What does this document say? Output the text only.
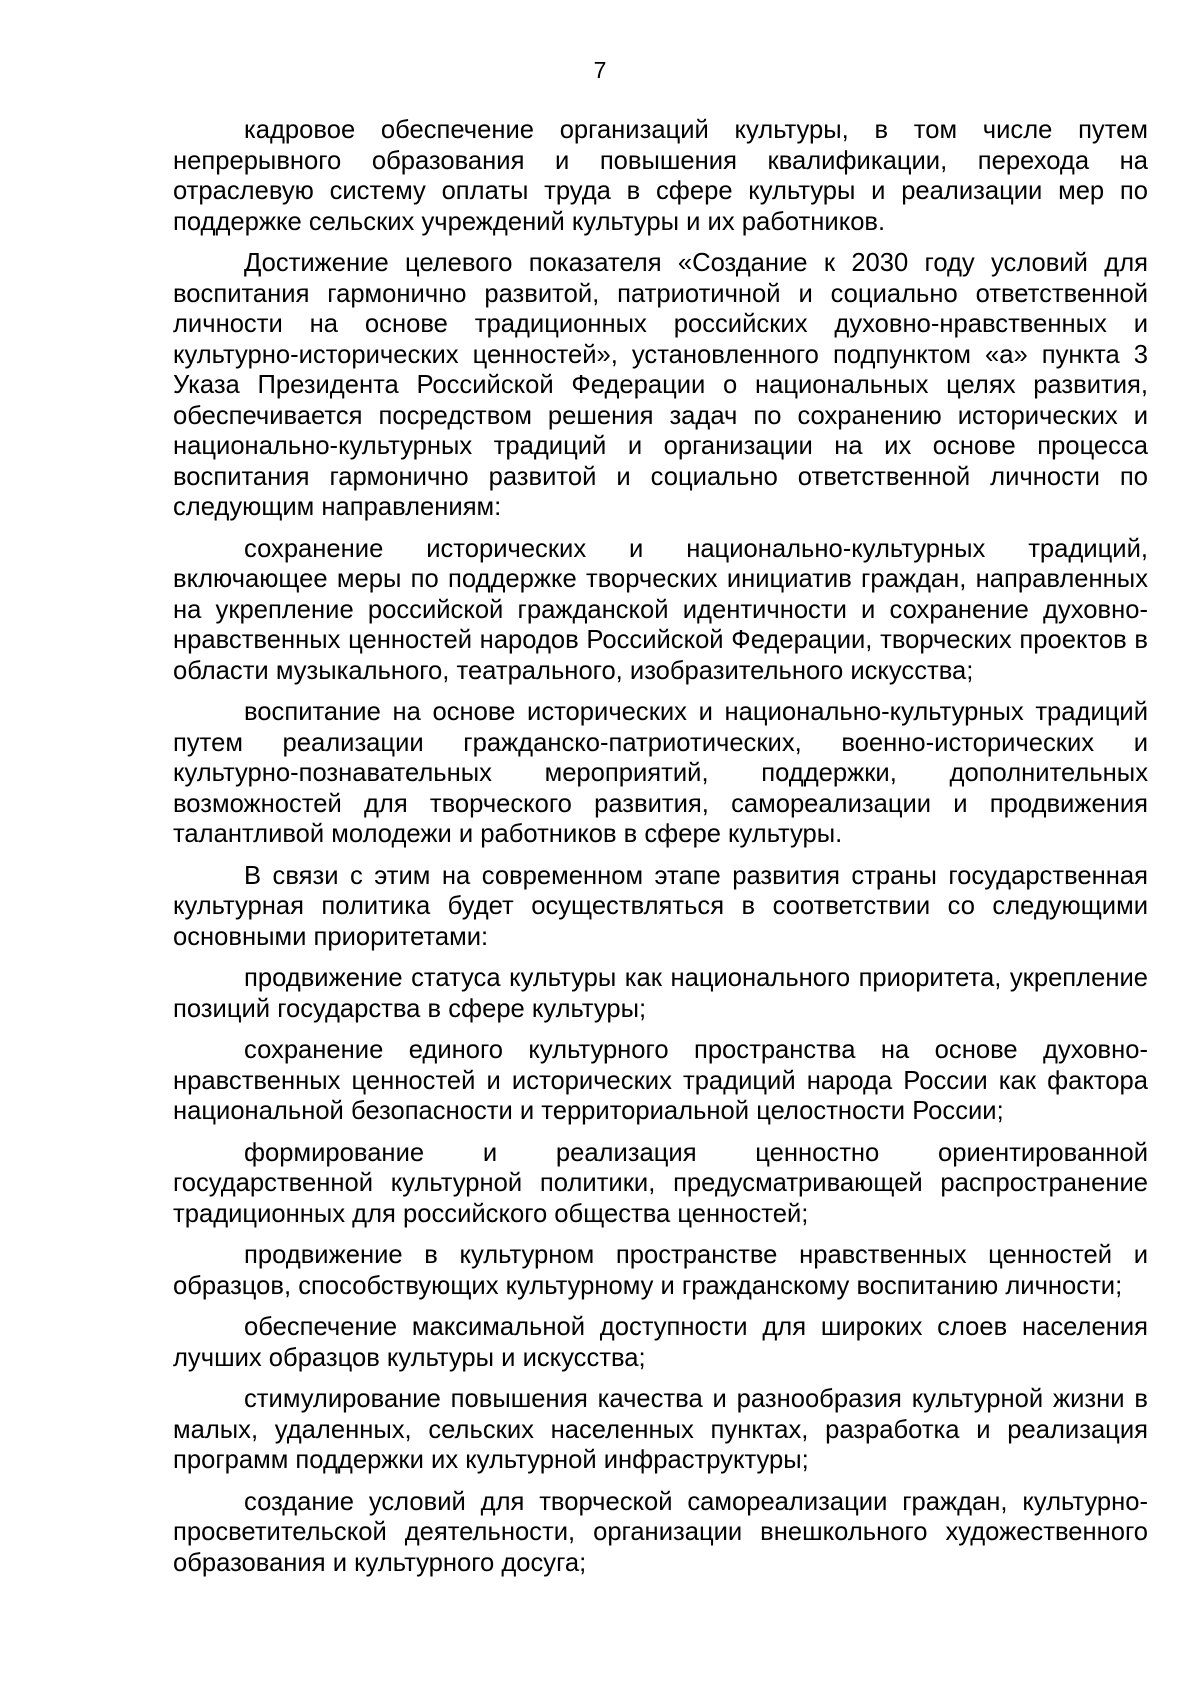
7

кадровое обеспечение организаций культуры, в том числе путем непрерывного образования и повышения квалификации, перехода на отраслевую систему оплаты труда в сфере культуры и реализации мер по поддержке сельских учреждений культуры и их работников.

Достижение целевого показателя «Создание к 2030 году условий для воспитания гармонично развитой, патриотичной и социально ответственной личности на основе традиционных российских духовно-нравственных и культурно-исторических ценностей», установленного подпунктом «а» пункта 3 Указа Президента Российской Федерации о национальных целях развития, обеспечивается посредством решения задач по сохранению исторических и национально-культурных традиций и организации на их основе процесса воспитания гармонично развитой и социально ответственной личности по следующим направлениям:

сохранение исторических и национально-культурных традиций, включающее меры по поддержке творческих инициатив граждан, направленных на укрепление российской гражданской идентичности и сохранение духовно-нравственных ценностей народов Российской Федерации, творческих проектов в области музыкального, театрального, изобразительного искусства;

воспитание на основе исторических и национально-культурных традиций путем реализации гражданско-патриотических, военно-исторических и культурно-познавательных мероприятий, поддержки, дополнительных возможностей для творческого развития, самореализации и продвижения талантливой молодежи и работников в сфере культуры.

В связи с этим на современном этапе развития страны государственная культурная политика будет осуществляться в соответствии со следующими основными приоритетами:

продвижение статуса культуры как национального приоритета, укрепление позиций государства в сфере культуры;

сохранение единого культурного пространства на основе духовно-нравственных ценностей и исторических традиций народа России как фактора национальной безопасности и территориальной целостности России;

формирование и реализация ценностно ориентированной государственной культурной политики, предусматривающей распространение традиционных для российского общества ценностей;

продвижение в культурном пространстве нравственных ценностей и образцов, способствующих культурному и гражданскому воспитанию личности;

обеспечение максимальной доступности для широких слоев населения лучших образцов культуры и искусства;

стимулирование повышения качества и разнообразия культурной жизни в малых, удаленных, сельских населенных пунктах, разработка и реализация программ поддержки их культурной инфраструктуры;

создание условий для творческой самореализации граждан, культурно-просветительской деятельности, организации внешкольного художественного образования и культурного досуга;
